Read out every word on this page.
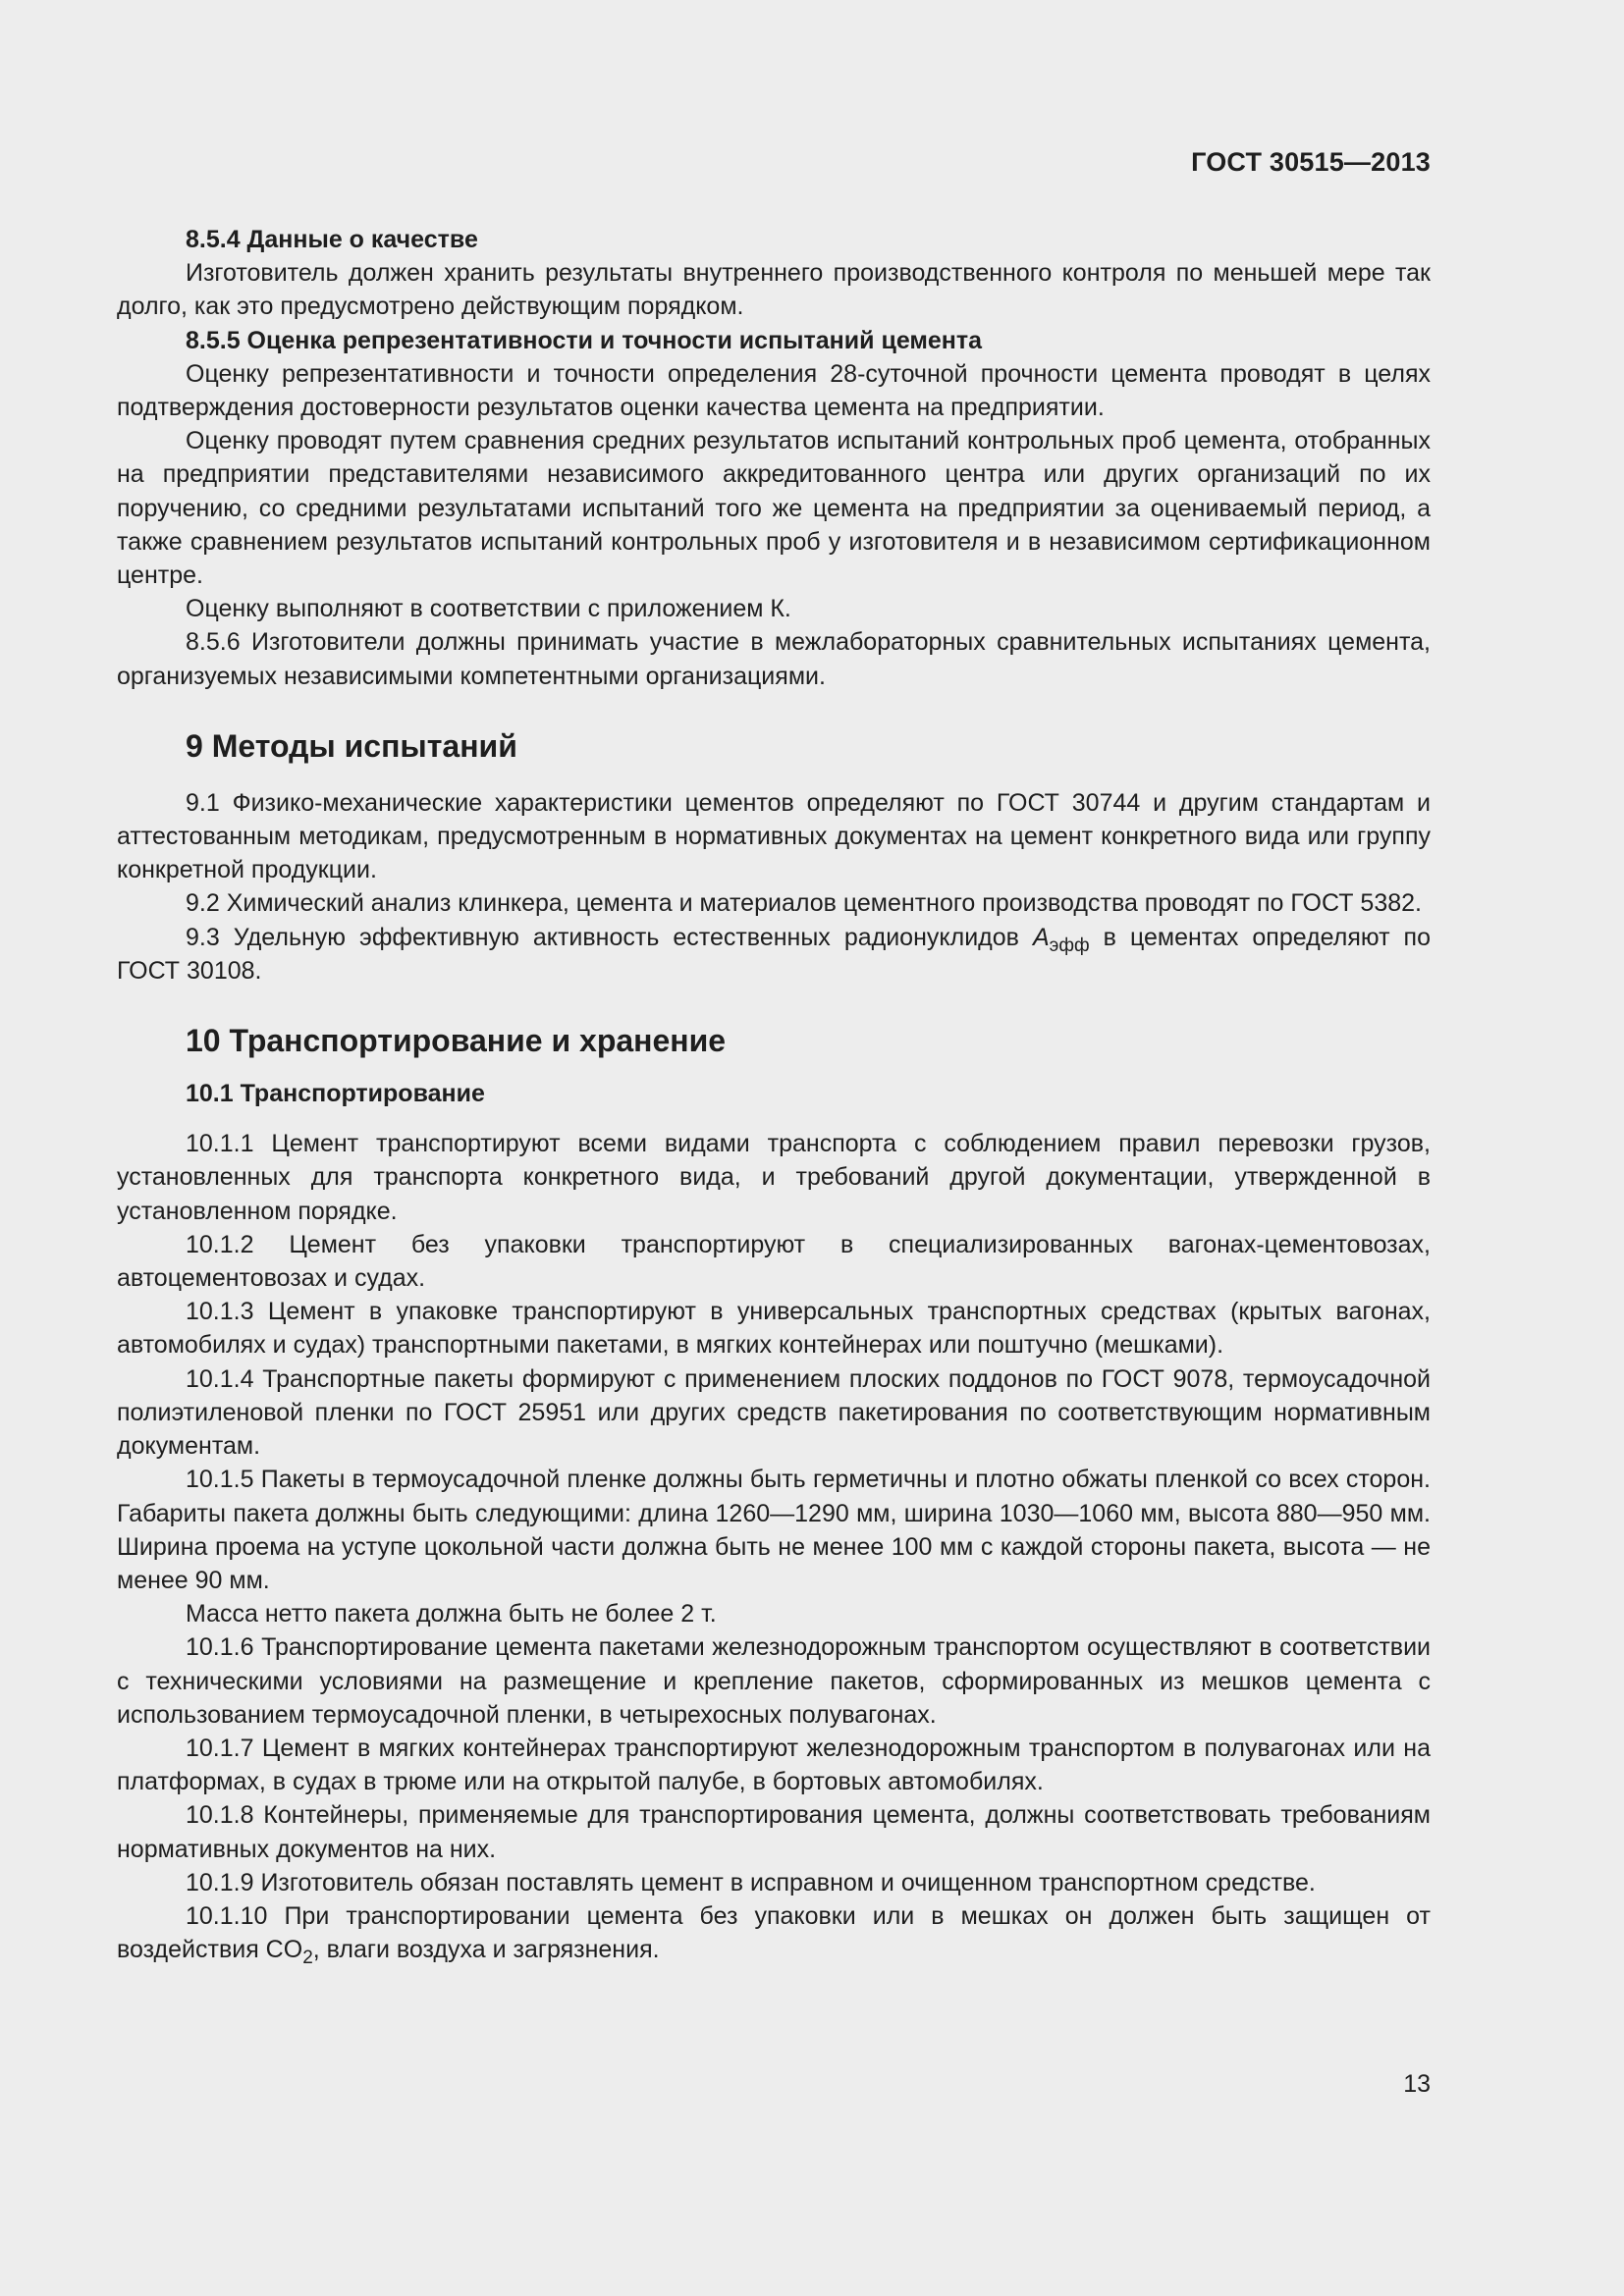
ГОСТ 30515—2013

8.5.4 Данные о качестве

Изготовитель должен хранить результаты внутреннего производственного контроля по меньшей мере так долго, как это предусмотрено действующим порядком.

8.5.5 Оценка репрезентативности и точности испытаний цемента

Оценку репрезентативности и точности определения 28-суточной прочности цемента проводят в целях подтверждения достоверности результатов оценки качества цемента на предприятии.

Оценку проводят путем сравнения средних результатов испытаний контрольных проб цемента, отобранных на предприятии представителями независимого аккредитованного центра или других организаций по их поручению, со средними результатами испытаний того же цемента на предприятии за оцениваемый период, а также сравнением результатов испытаний контрольных проб у изготовителя и в независимом сертификационном центре.

Оценку выполняют в соответствии с приложением К.

8.5.6 Изготовители должны принимать участие в межлабораторных сравнительных испытаниях цемента, организуемых независимыми компетентными организациями.

9 Методы испытаний

9.1 Физико-механические характеристики цементов определяют по ГОСТ 30744 и другим стандартам и аттестованным методикам, предусмотренным в нормативных документах на цемент конкретного вида или группу конкретной продукции.

9.2 Химический анализ клинкера, цемента и материалов цементного производства проводят по ГОСТ 5382.

9.3 Удельную эффективную активность естественных радионуклидов $A_{эфф}$ в цементах определяют по ГОСТ 30108.

10 Транспортирование и хранение
10.1 Транспортирование

10.1.1 Цемент транспортируют всеми видами транспорта с соблюдением правил перевозки грузов, установленных для транспорта конкретного вида, и требований другой документации, утвержденной в установленном порядке.

10.1.2 Цемент без упаковки транспортируют в специализированных вагонах-цементовозах, автоцементовозах и судах.

10.1.3 Цемент в упаковке транспортируют в универсальных транспортных средствах (крытых вагонах, автомобилях и судах) транспортными пакетами, в мягких контейнерах или поштучно (мешками).

10.1.4 Транспортные пакеты формируют с применением плоских поддонов по ГОСТ 9078, термоусадочной полиэтиленовой пленки по ГОСТ 25951 или других средств пакетирования по соответствующим нормативным документам.

10.1.5 Пакеты в термоусадочной пленке должны быть герметичны и плотно обжаты пленкой со всех сторон. Габариты пакета должны быть следующими: длина 1260—1290 мм, ширина 1030—1060 мм, высота 880—950 мм. Ширина проема на уступе цокольной части должна быть не менее 100 мм с каждой стороны пакета, высота — не менее 90 мм.

Масса нетто пакета должна быть не более 2 т.

10.1.6 Транспортирование цемента пакетами железнодорожным транспортом осуществляют в соответствии с техническими условиями на размещение и крепление пакетов, сформированных из мешков цемента с использованием термоусадочной пленки, в четырехосных полувагонах.

10.1.7 Цемент в мягких контейнерах транспортируют железнодорожным транспортом в полувагонах или на платформах, в судах в трюме или на открытой палубе, в бортовых автомобилях.

10.1.8 Контейнеры, применяемые для транспортирования цемента, должны соответствовать требованиям нормативных документов на них.

10.1.9 Изготовитель обязан поставлять цемент в исправном и очищенном транспортном средстве.

10.1.10 При транспортировании цемента без упаковки или в мешках он должен быть защищен от воздействия $CO_2$, влаги воздуха и загрязнения.

13
